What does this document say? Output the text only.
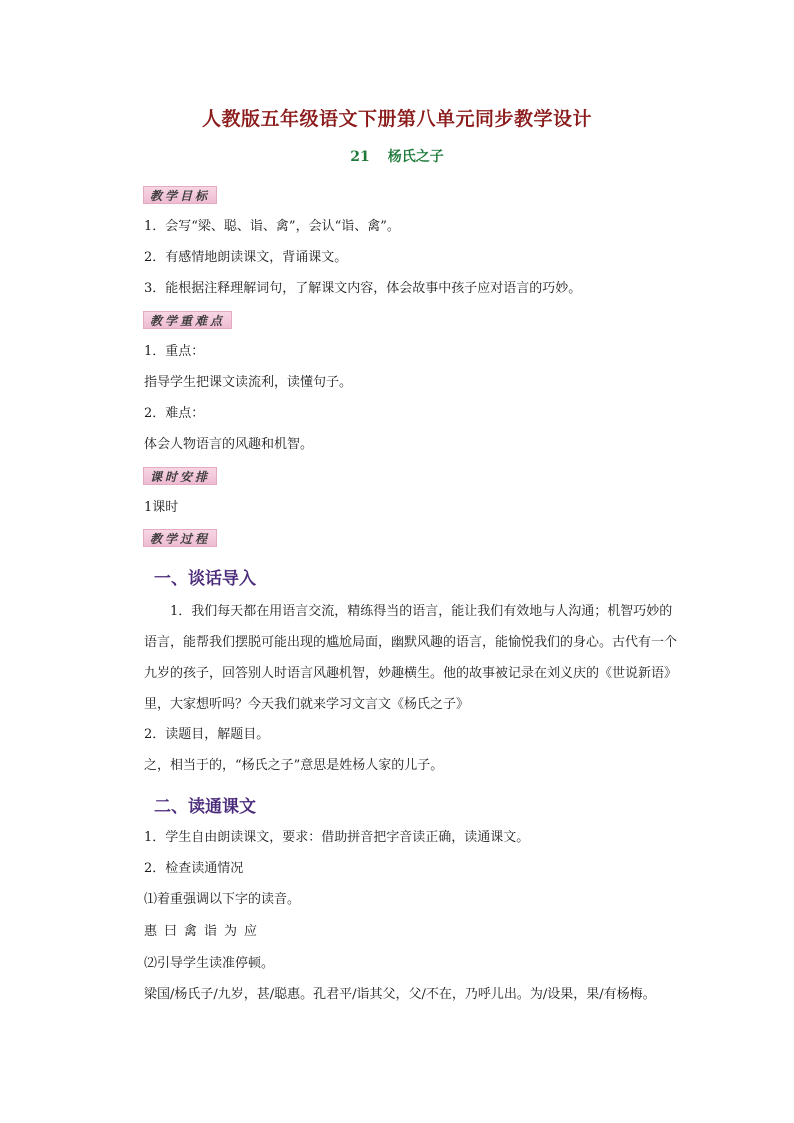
人教版五年级语文下册第八单元同步教学设计
21 杨氏之子
教学目标
1．会写“梁、聪、诣、禽”，会认“诣、禽”。
2．有感情地朗读课文，背诵课文。
3．能根据注释理解词句，了解课文内容，体会故事中孩子应对语言的巧妙。
教学重难点
1．重点：
指导学生把课文读流利，读懂句子。
2．难点：
体会人物语言的风趣和机智。
课时安排
1课时
教学过程
一、谈话导入
1．我们每天都在用语言交流，精练得当的语言，能让我们有效地与人沟通；机智巧妙的语言，能帮我们摆脱可能出现的尴尬局面，幽默风趣的语言，能愉悦我们的身心。古代有一个九岁的孩子，回答别人时语言风趣机智，妙趣横生。他的故事被记录在刘义庆的《世说新语》里，大家想听吗？今天我们就来学习文言文《杨氏之子》
2．读题目，解题目。
之，相当于的，“杨氏之子”意思是姓杨人家的儿子。
二、读通课文
1．学生自由朗读课文，要求：借助拼音把字音读正确，读通课文。
2．检查读通情况
⑴着重强调以下字的读音。
惠曰禽诣为应
⑵引导学生读准停顿。
梁国/杨氏子/九岁，甚/聪惠。孔君平/诣其父，父/不在，乃呼儿出。为/设果，果/有杨梅。
